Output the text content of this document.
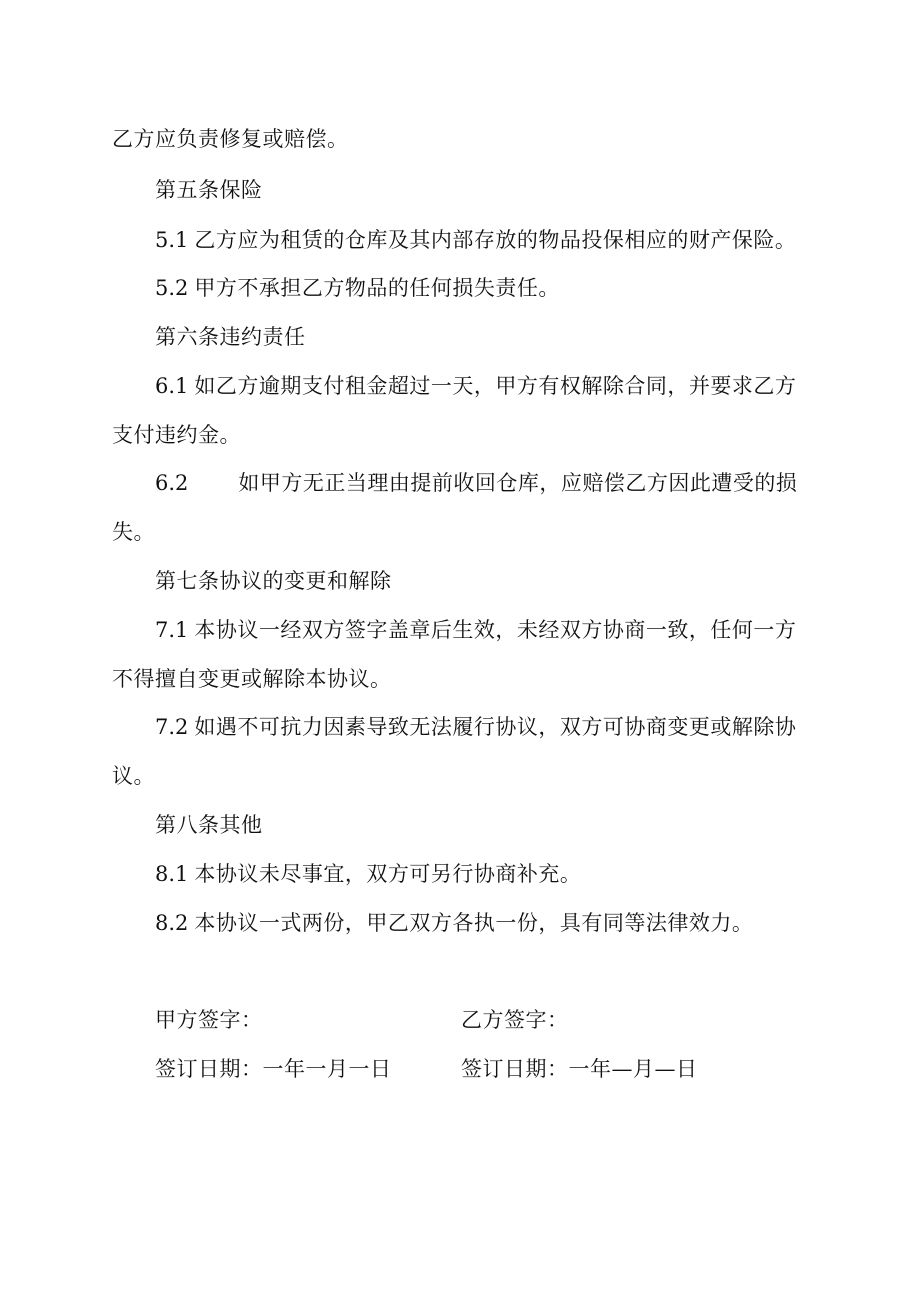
乙方应负责修复或赔偿。
第五条保险
5.1 乙方应为租赁的仓库及其内部存放的物品投保相应的财产保险。
5.2 甲方不承担乙方物品的任何损失责任。
第六条违约责任
6.1 如乙方逾期支付租金超过一天，甲方有权解除合同，并要求乙方
支付违约金。
6.2 如甲方无正当理由提前收回仓库，应赔偿乙方因此遭受的损
失。
第七条协议的变更和解除
7.1 本协议一经双方签字盖章后生效，未经双方协商一致，任何一方
不得擅自变更或解除本协议。
7.2 如遇不可抗力因素导致无法履行协议，双方可协商变更或解除协
议。
第八条其他
8.1 本协议未尽事宜，双方可另行协商补充。
8.2 本协议一式两份，甲乙双方各执一份，具有同等法律效力。
甲方签字：	乙方签字：
签订日期：一年一月一日	签订日期：一年—月—日
